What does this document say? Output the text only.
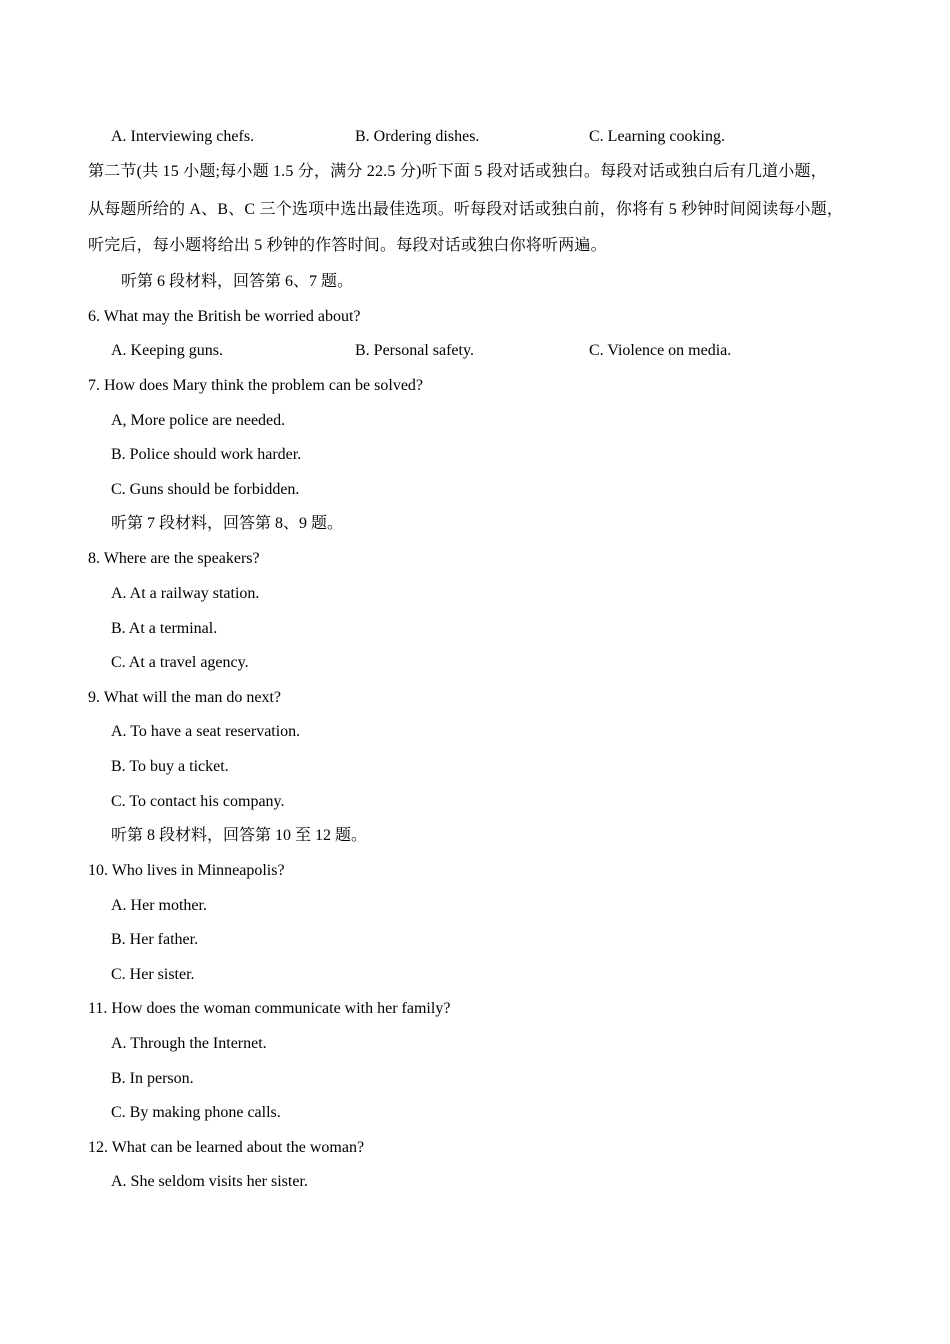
A. Interviewing chefs.	B. Ordering dishes.	C. Learning cooking.
第二节(共 15 小题;每小题 1.5 分，满分 22.5 分)听下面 5 段对话或独白。每段对话或独白后有几道小题，
从每题所给的 A、B、C 三个选项中选出最佳选项。听每段对话或独白前，你将有 5 秒钟时间阅读每小题，
听完后，每小题将给出 5 秒钟的作答时间。每段对话或独白你将听两遍。
听第 6 段材料，回答第 6、7 题。
6. What may the British be worried about?
A. Keeping guns.	B. Personal safety.	C. Violence on media.
7. How does Mary think the problem can be solved?
A, More police are needed.
B. Police should work harder.
C. Guns should be forbidden.
听第 7 段材料，回答第 8、9 题。
8. Where are the speakers?
A. At a railway station.
B. At a terminal.
C. At a travel agency.
9. What will the man do next?
A. To have a seat reservation.
B. To buy a ticket.
C. To contact his company.
听第 8 段材料，回答第 10 至 12 题。
10. Who lives in Minneapolis?
A. Her mother.
B. Her father.
C. Her sister.
11. How does the woman communicate with her family?
A. Through the Internet.
B. In person.
C. By making phone calls.
12. What can be learned about the woman?
A. She seldom visits her sister.
